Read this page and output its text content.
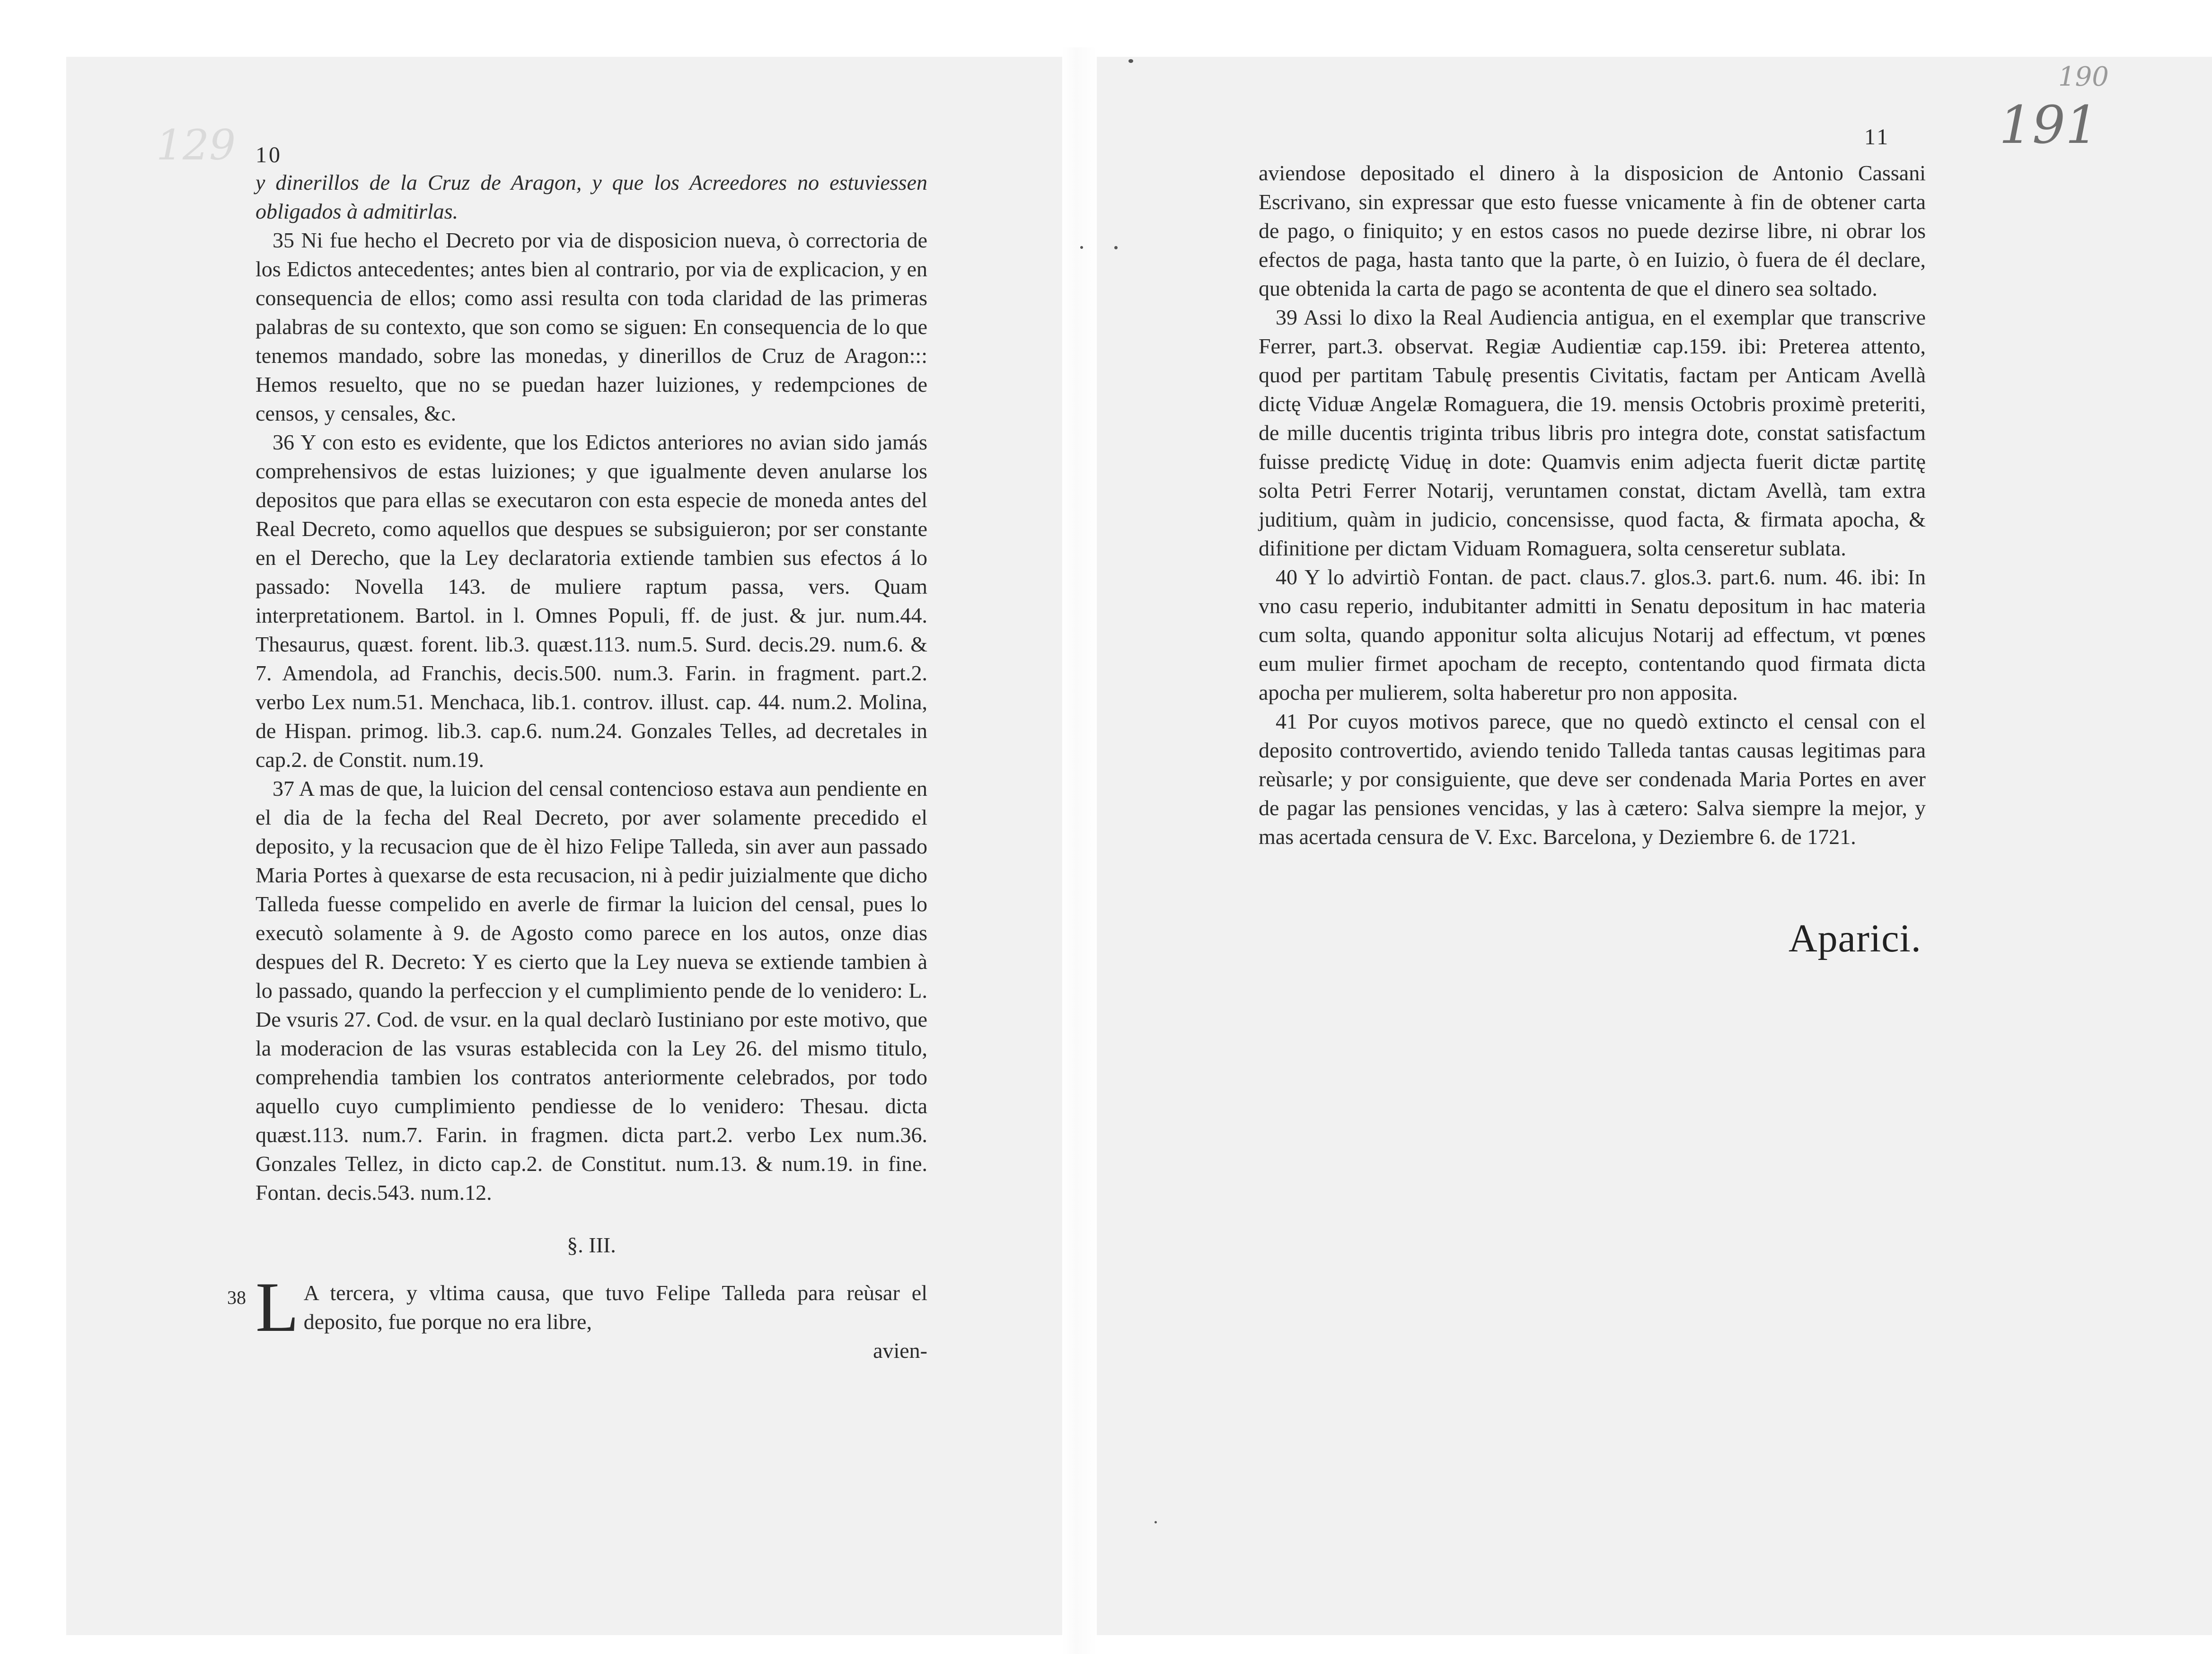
129
190
191
10
11

y dinerillos de la Cruz de Aragon, y que los Acreedores no estuviessen obligados à admitirlas.

35 Ni fue hecho el Decreto por via de disposicion nueva, ò correctoria de los Edictos antecedentes; antes bien al contrario, por via de explicacion, y en consequencia de ellos; como assi resulta con toda claridad de las primeras palabras de su contexto, que son como se siguen: En consequencia de lo que tenemos mandado, sobre las monedas, y dinerillos de Cruz de Aragon::: Hemos resuelto, que no se puedan hazer luiziones, y redempciones de censos, y censales, &c.

36 Y con esto es evidente, que los Edictos anteriores no avian sido jamás comprehensivos de estas luiziones; y que igualmente deven anularse los depositos que para ellas se executaron con esta especie de moneda antes del Real Decreto, como aquellos que despues se subsiguieron; por ser constante en el Derecho, que la Ley declaratoria extiende tambien sus efectos á lo passado: Novella 143. de muliere raptum passa, vers. Quam interpretationem. Bartol. in l. Omnes Populi, ff. de just. & jur. num.44. Thesaurus, quæst. forent. lib.3. quæst.113. num.5. Surd. decis.29. num.6. & 7. Amendola, ad Franchis, decis.500. num.3. Farin. in fragment. part.2. verbo Lex num.51. Menchaca, lib.1. controv. illust. cap. 44. num.2. Molina, de Hispan. primog. lib.3. cap.6. num.24. Gonzales Telles, ad decretales in cap.2. de Constit. num.19.

37 A mas de que, la luicion del censal contencioso estava aun pendiente en el dia de la fecha del Real Decreto, por aver solamente precedido el deposito, y la recusacion que de èl hizo Felipe Talleda, sin aver aun passado Maria Portes à quexarse de esta recusacion, ni à pedir juizialmente que dicho Talleda fuesse compelido en averle de firmar la luicion del censal, pues lo executò solamente à 9. de Agosto como parece en los autos, onze dias despues del R. Decreto: Y es cierto que la Ley nueva se extiende tambien à lo passado, quando la perfeccion y el cumplimiento pende de lo venidero: L. De vsuris 27. Cod. de vsur. en la qual declarò Iustiniano por este motivo, que la moderacion de las vsuras establecida con la Ley 26. del mismo titulo, comprehendia tambien los contratos anteriormente celebrados, por todo aquello cuyo cumplimiento pendiesse de lo venidero: Thesau. dicta quæst.113. num.7. Farin. in fragmen. dicta part.2. verbo Lex num.36. Gonzales Tellez, in dicto cap.2. de Constitut. num.13. & num.19. in fine. Fontan. decis.543. num.12.

§. III.
38 L A tercera, y vltima causa, que tuvo Felipe Talleda para reùsar el deposito, fue porque no era libre,
avien-

aviendose depositado el dinero à la disposicion de Antonio Cassani Escrivano, sin expressar que esto fuesse vnicamente à fin de obtener carta de pago, o finiquito; y en estos casos no puede dezirse libre, ni obrar los efectos de paga, hasta tanto que la parte, ò en Iuizio, ò fuera de él declare, que obtenida la carta de pago se acontenta de que el dinero sea soltado.

39 Assi lo dixo la Real Audiencia antigua, en el exemplar que transcrive Ferrer, part.3. observat. Regiæ Audientiæ cap.159. ibi: Preterea attento, quod per partitam Tabulę presentis Civitatis, factam per Anticam Avellà dictę Viduæ Angelæ Romaguera, die 19. mensis Octobris proximè preteriti, de mille ducentis triginta tribus libris pro integra dote, constat satisfactum fuisse predictę Viduę in dote: Quamvis enim adjecta fuerit dictæ partitę solta Petri Ferrer Notarij, veruntamen constat, dictam Avellà, tam extra juditium, quàm in judicio, concensisse, quod facta, & firmata apocha, & difinitione per dictam Viduam Romaguera, solta censeretur sublata.

40 Y lo advirtiò Fontan. de pact. claus.7. glos.3. part.6. num. 46. ibi: In vno casu reperio, indubitanter admitti in Senatu depositum in hac materia cum solta, quando apponitur solta alicujus Notarij ad effectum, vt pœnes eum mulier firmet apocham de recepto, contentando quod firmata dicta apocha per mulierem, solta haberetur pro non apposita.

41 Por cuyos motivos parece, que no quedò extincto el censal con el deposito controvertido, aviendo tenido Talleda tantas causas legitimas para reùsarle; y por consiguiente, que deve ser condenada Maria Portes en aver de pagar las pensiones vencidas, y las à cætero: Salva siempre la mejor, y mas acertada censura de V. Exc. Barcelona, y Deziembre 6. de 1721.

Aparici.
